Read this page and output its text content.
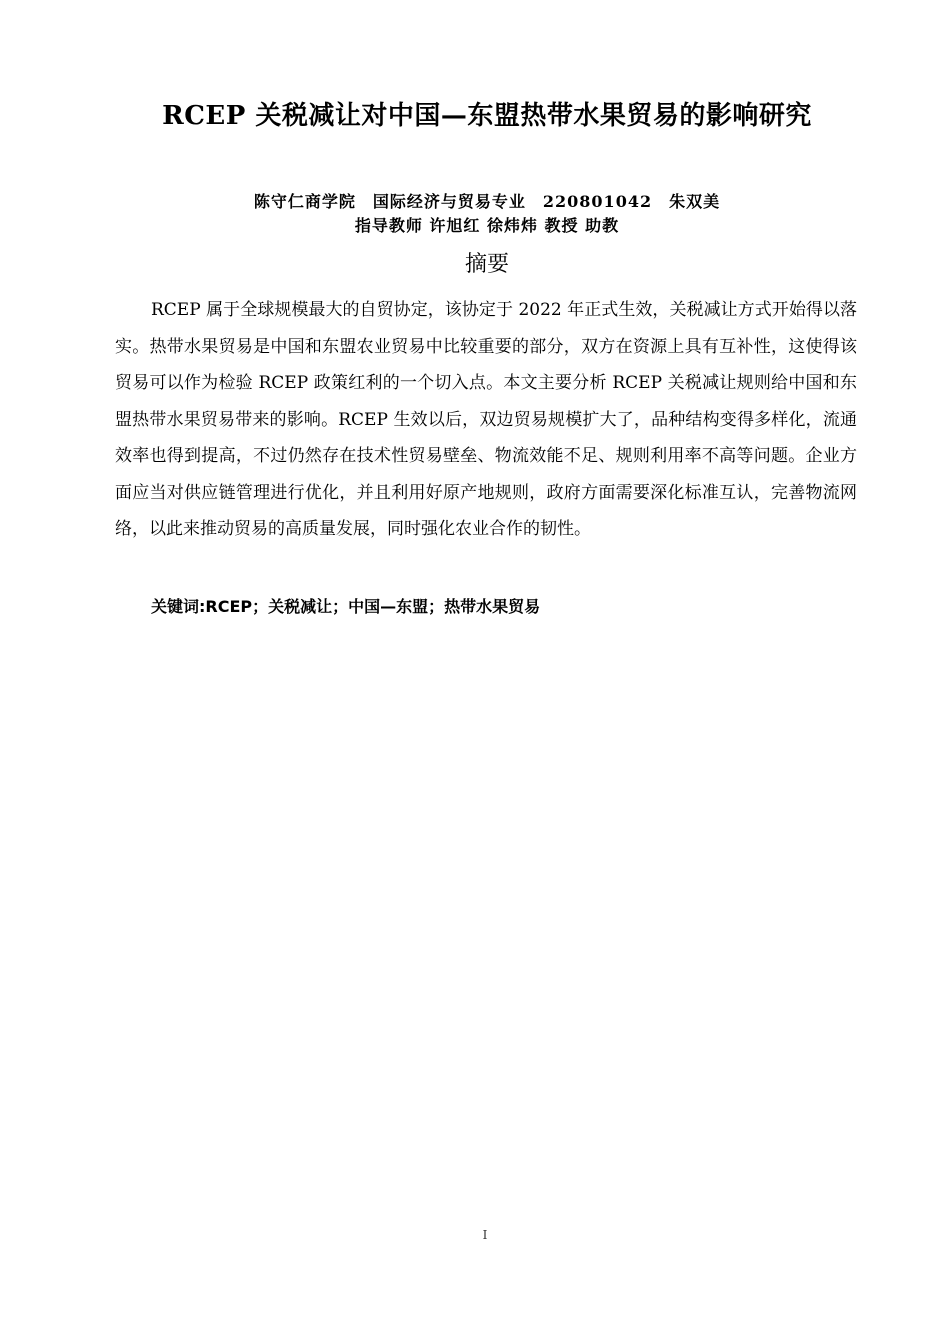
RCEP 关税减让对中国—东盟热带水果贸易的影响研究
陈守仁商学院　国际经济与贸易专业　220801042　朱双美
指导教师 许旭红 徐炜炜 教授 助教
摘要
RCEP 属于全球规模最大的自贸协定，该协定于 2022 年正式生效，关税减让方式开始得以落实。热带水果贸易是中国和东盟农业贸易中比较重要的部分，双方在资源上具有互补性，这使得该贸易可以作为检验 RCEP 政策红利的一个切入点。本文主要分析 RCEP 关税减让规则给中国和东盟热带水果贸易带来的影响。RCEP 生效以后，双边贸易规模扩大了，品种结构变得多样化，流通效率也得到提高，不过仍然存在技术性贸易壁垒、物流效能不足、规则利用率不高等问题。企业方面应当对供应链管理进行优化，并且利用好原产地规则，政府方面需要深化标准互认，完善物流网络，以此来推动贸易的高质量发展，同时强化农业合作的韧性。
关键词:RCEP；关税减让；中国—东盟；热带水果贸易
I
